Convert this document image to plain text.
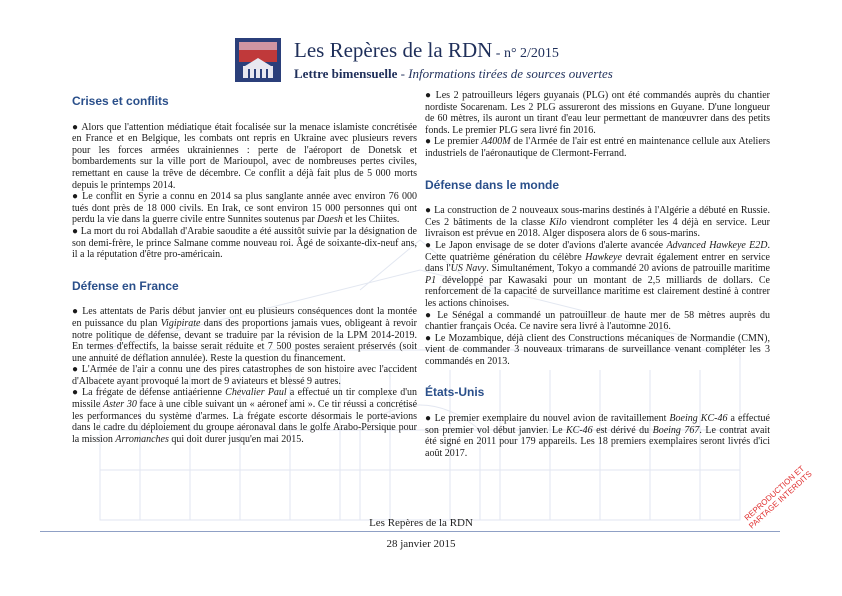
Les Repères de la RDN - n° 2/2015
Lettre bimensuelle - Informations tirées de sources ouvertes
Crises et conflits

● Alors que l'attention médiatique était focalisée sur la menace islamiste concrétisée en France et en Belgique, les combats ont repris en Ukraine avec plusieurs revers pour les forces armées ukrainiennes : perte de l'aéroport de Donetsk et bombardements sur la ville port de Marioupol, avec de nombreuses pertes civiles, remettant en cause la trêve de décembre. Ce conflit a déjà fait plus de 5 000 morts depuis le printemps 2014.

● Le conflit en Syrie a connu en 2014 sa plus sanglante année avec environ 76 000 tués dont près de 18 000 civils. En Irak, ce sont environ 15 000 personnes qui ont perdu la vie dans la guerre civile entre Sunnites soutenus par Daesh et les Chiites.

● La mort du roi Abdallah d'Arabie saoudite a été aussitôt suivie par la désignation de son demi-frère, le prince Salmane comme nouveau roi. Âgé de soixante-dix-neuf ans, il a la réputation d'être pro-américain.

Défense en France

● Les attentats de Paris début janvier ont eu plusieurs conséquences dont la montée en puissance du plan Vigipirate dans des proportions jamais vues, obligeant à revoir notre politique de défense, devant se traduire par la révision de la LPM 2014-2019. En termes d'effectifs, la baisse serait réduite et 7 500 postes seraient préservés (soit une annuité de déflation annulée). Reste la question du financement.

● L'Armée de l'air a connu une des pires catastrophes de son histoire avec l'accident d'Albacete ayant provoqué la mort de 9 aviateurs et blessé 9 autres.

● La frégate de défense antiaérienne Chevalier Paul a effectué un tir complexe d'un missile Aster 30 face à une cible suivant un « aéronef ami ». Ce tir réussi a concrétisé les performances du système d'armes. La frégate escorte désormais le porte-avions dans le cadre du déploiement du groupe aéronaval dans le golfe Arabo-Persique pour la mission Arromanches qui doit durer jusqu'en mai 2015.

● Les 2 patrouilleurs légers guyanais (PLG) ont été commandés auprès du chantier nordiste Socarenam. Les 2 PLG assureront des missions en Guyane. D'une longueur de 60 mètres, ils auront un tirant d'eau leur permettant de manœuvrer dans des petits fonds. Le premier PLG sera livré fin 2016.

● Le premier A400M de l'Armée de l'air est entré en maintenance cellule aux Ateliers industriels de l'aéronautique de Clermont-Ferrand.

Défense dans le monde

● La construction de 2 nouveaux sous-marins destinés à l'Algérie a débuté en Russie. Ces 2 bâtiments de la classe Kilo viendront compléter les 4 déjà en service. Leur livraison est prévue en 2018. Alger disposera alors de 6 sous-marins.

● Le Japon envisage de se doter d'avions d'alerte avancée Advanced Hawkeye E2D. Cette quatrième génération du célèbre Hawkeye devrait également entrer en service dans l'US Navy. Simultanément, Tokyo a commandé 20 avions de patrouille maritime P1 développé par Kawasaki pour un montant de 2,5 milliards de dollars. Ce renforcement de la capacité de surveillance maritime est clairement destiné à contrer les actions chinoises.

● Le Sénégal a commandé un patrouilleur de haute mer de 58 mètres auprès du chantier français Océa. Ce navire sera livré à l'automne 2016.

● Le Mozambique, déjà client des Constructions mécaniques de Normandie (CMN), vient de commander 3 nouveaux trimarans de surveillance venant compléter les 3 commandés en 2013.

États-Unis

● Le premier exemplaire du nouvel avion de ravitaillement Boeing KC-46 a effectué son premier vol début janvier. Le KC-46 est dérivé du Boeing 767. Le contrat avait été signé en 2011 pour 179 appareils. Les 18 premiers exemplaires seront livrés d'ici août 2017.

Les Repères de la RDN
28 janvier 2015
REPRODUCTION ET PARTAGE INTERDITS
